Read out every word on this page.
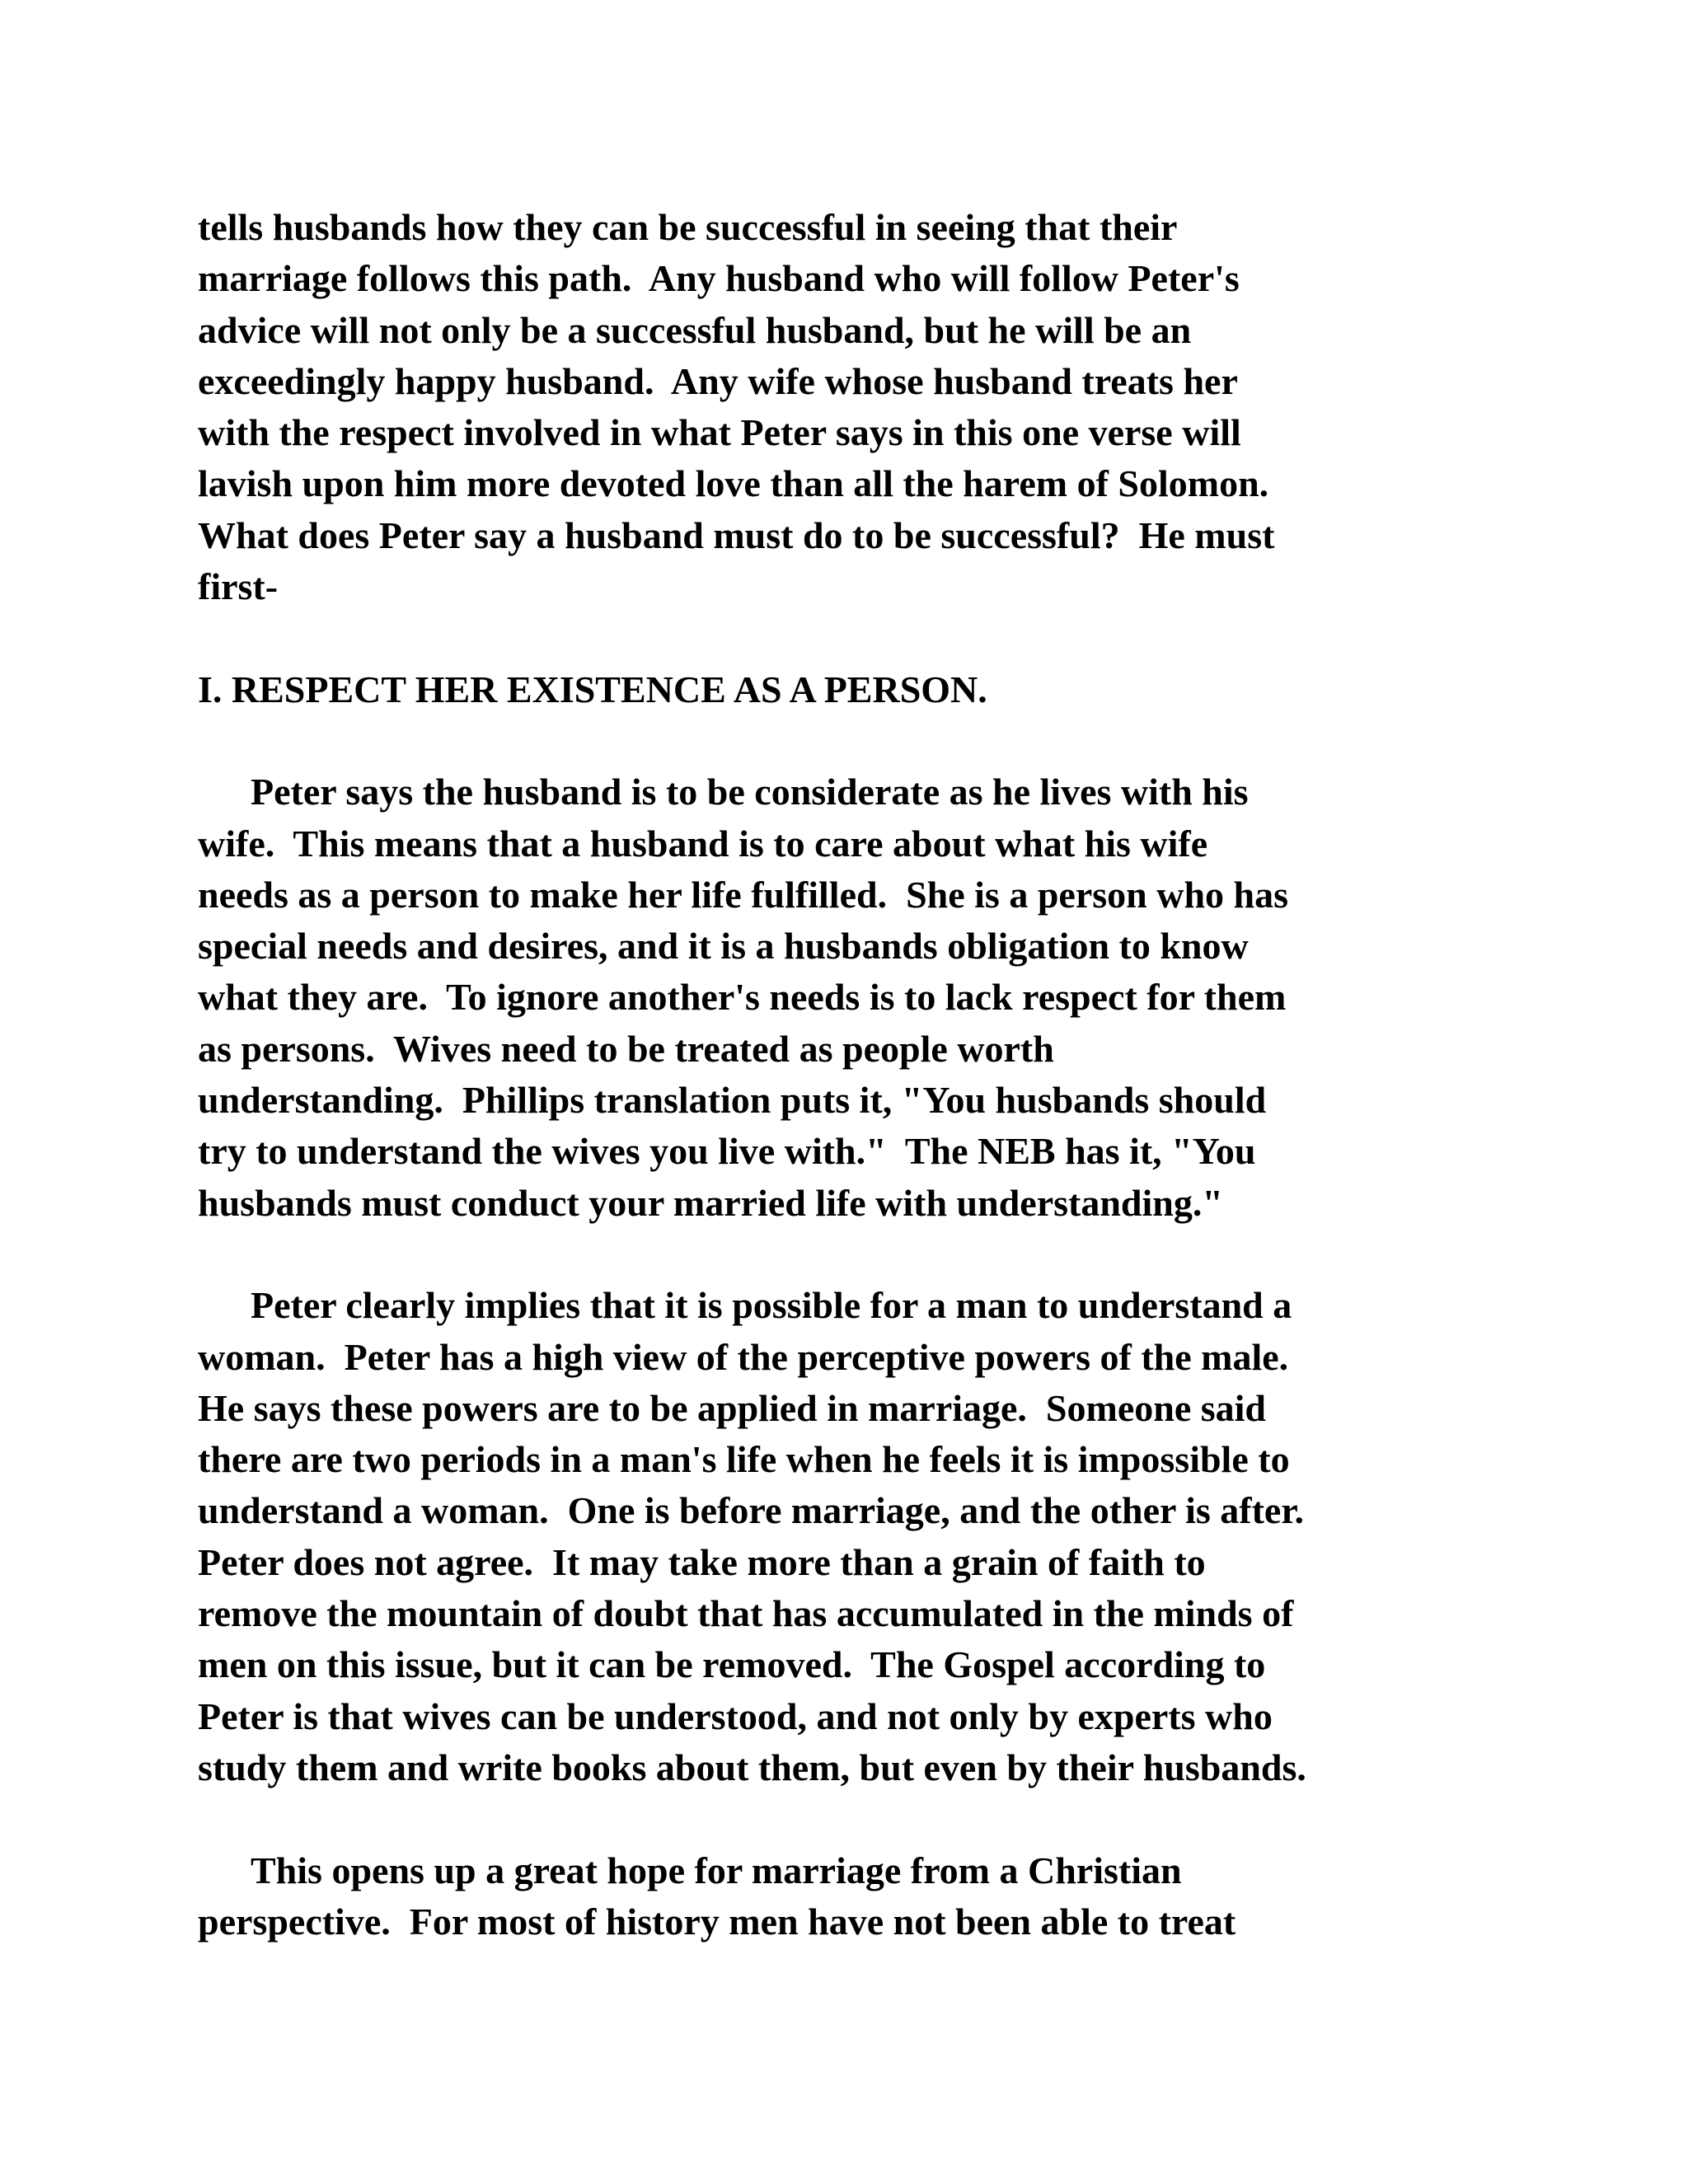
tells husbands how they can be successful in seeing that their
marriage follows this path.  Any husband who will follow Peter's
advice will not only be a successful husband, but he will be an
exceedingly happy husband.  Any wife whose husband treats her
with the respect involved in what Peter says in this one verse will
lavish upon him more devoted love than all the harem of Solomon.
What does Peter say a husband must do to be successful?  He must
first-
I. RESPECT HER EXISTENCE AS A PERSON.
Peter says the husband is to be considerate as he lives with his
wife.  This means that a husband is to care about what his wife
needs as a person to make her life fulfilled.  She is a person who has
special needs and desires, and it is a husbands obligation to know
what they are.  To ignore another's needs is to lack respect for them
as persons.  Wives need to be treated as people worth
understanding.  Phillips translation puts it, "You husbands should
try to understand the wives you live with."  The NEB has it, "You
husbands must conduct your married life with understanding."
Peter clearly implies that it is possible for a man to understand a
woman.  Peter has a high view of the perceptive powers of the male.
He says these powers are to be applied in marriage.  Someone said
there are two periods in a man's life when he feels it is impossible to
understand a woman.  One is before marriage, and the other is after.
Peter does not agree.  It may take more than a grain of faith to
remove the mountain of doubt that has accumulated in the minds of
men on this issue, but it can be removed.  The Gospel according to
Peter is that wives can be understood, and not only by experts who
study them and write books about them, but even by their husbands.
This opens up a great hope for marriage from a Christian
perspective.  For most of history men have not been able to treat
